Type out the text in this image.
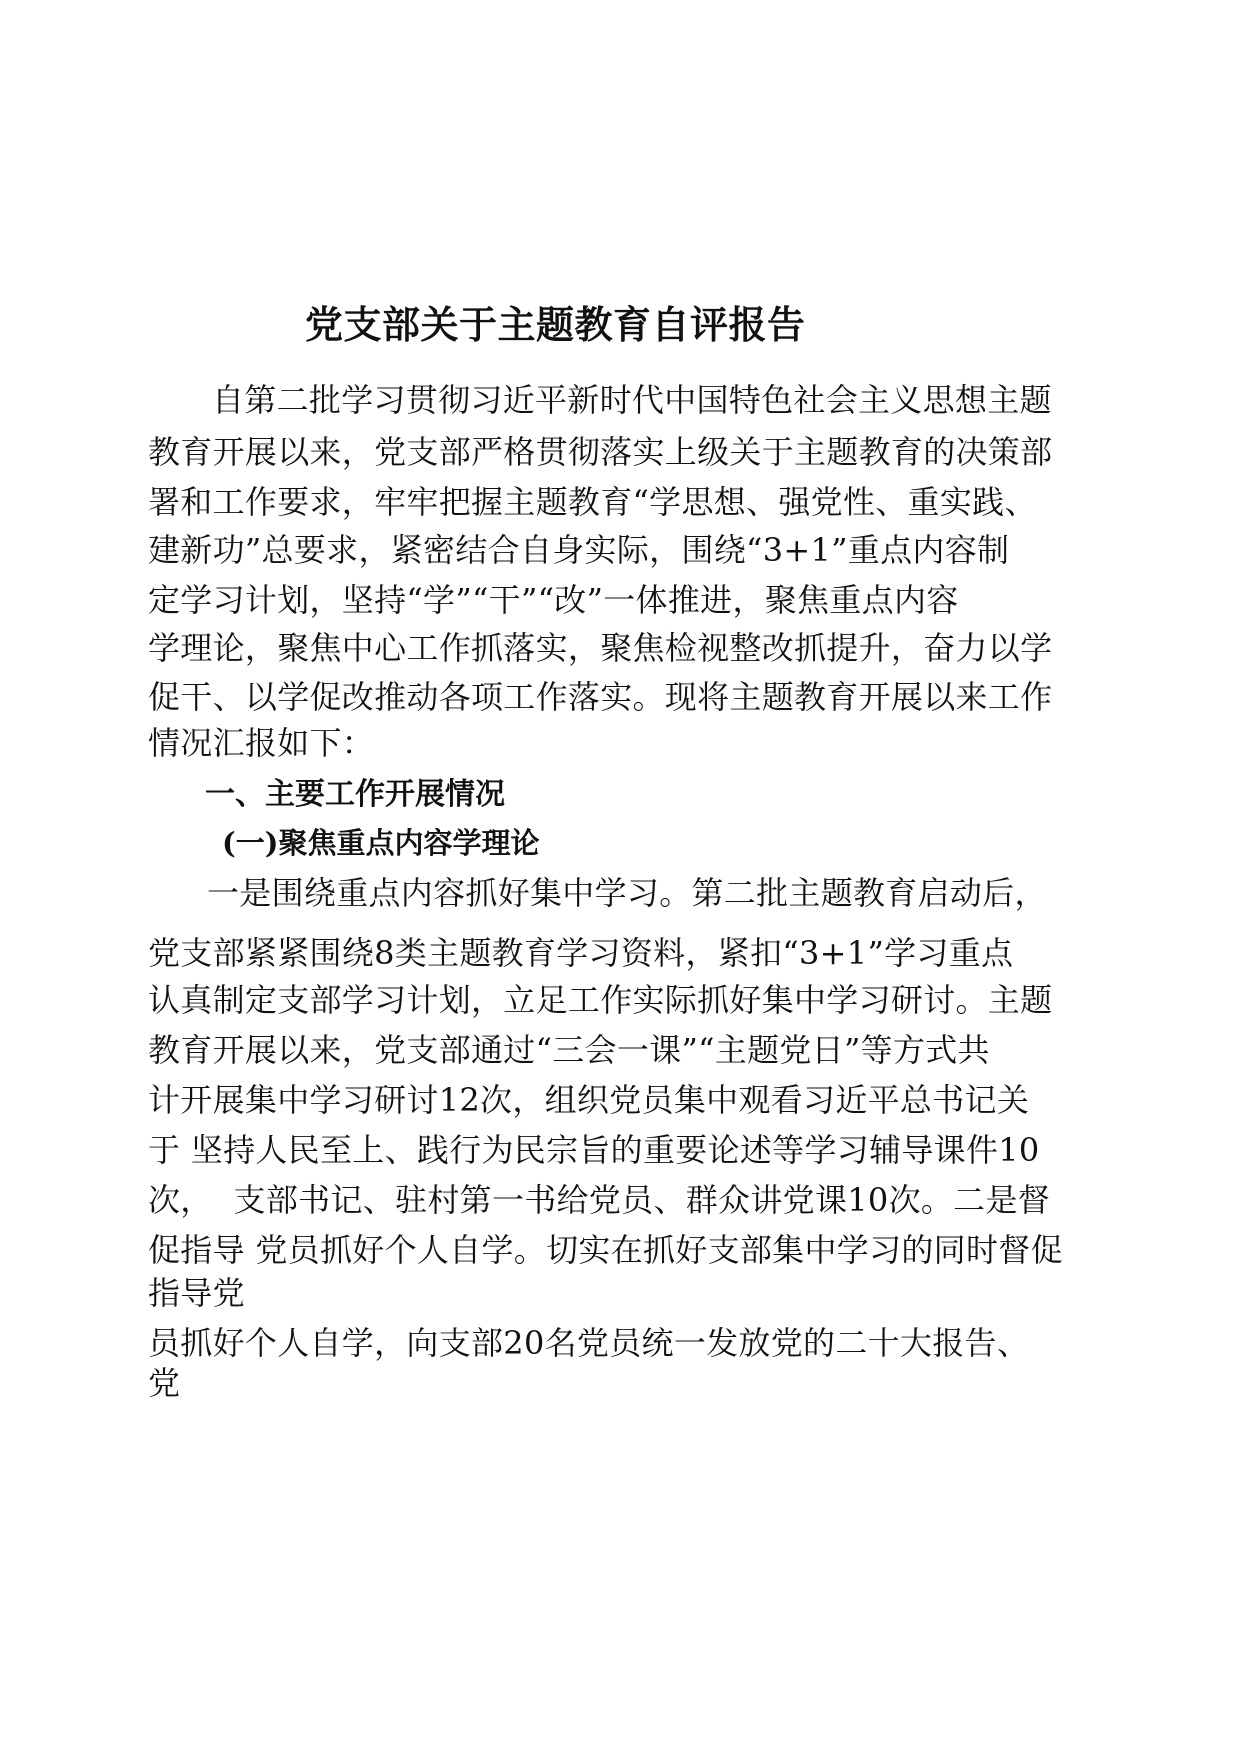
党支部关于主题教育自评报告
自第二批学习贯彻习近平新时代中国特色社会主义思想主题
教育开展以来，党支部严格贯彻落实上级关于主题教育的决策部
署和工作要求，牢牢把握主题教育“学思想、强党性、重实践、
建新功”总要求，紧密结合自身实际，围绕“3+1”重点内容制
定学习计划，坚持“学”“干”“改”一体推进，聚焦重点内容
学理论，聚焦中心工作抓落实，聚焦检视整改抓提升，奋力以学
促干、以学促改推动各项工作落实。现将主题教育开展以来工作
情况汇报如下：
一、主要工作开展情况
(一)聚焦重点内容学理论
一是围绕重点内容抓好集中学习。第二批主题教育启动后，
党支部紧紧围绕8类主题教育学习资料，紧扣“3+1”学习重点
认真制定支部学习计划，立足工作实际抓好集中学习研讨。主题
教育开展以来，党支部通过“三会一课”“主题党日”等方式共
计开展集中学习研讨12次，组织党员集中观看习近平总书记关
于 坚持人民至上、践行为民宗旨的重要论述等学习辅导课件10
次，  支部书记、驻村第一书给党员、群众讲党课10次。二是督
促指导 党员抓好个人自学。切实在抓好支部集中学习的同时督促
指导党
员抓好个人自学，向支部20名党员统一发放党的二十大报告、
党
